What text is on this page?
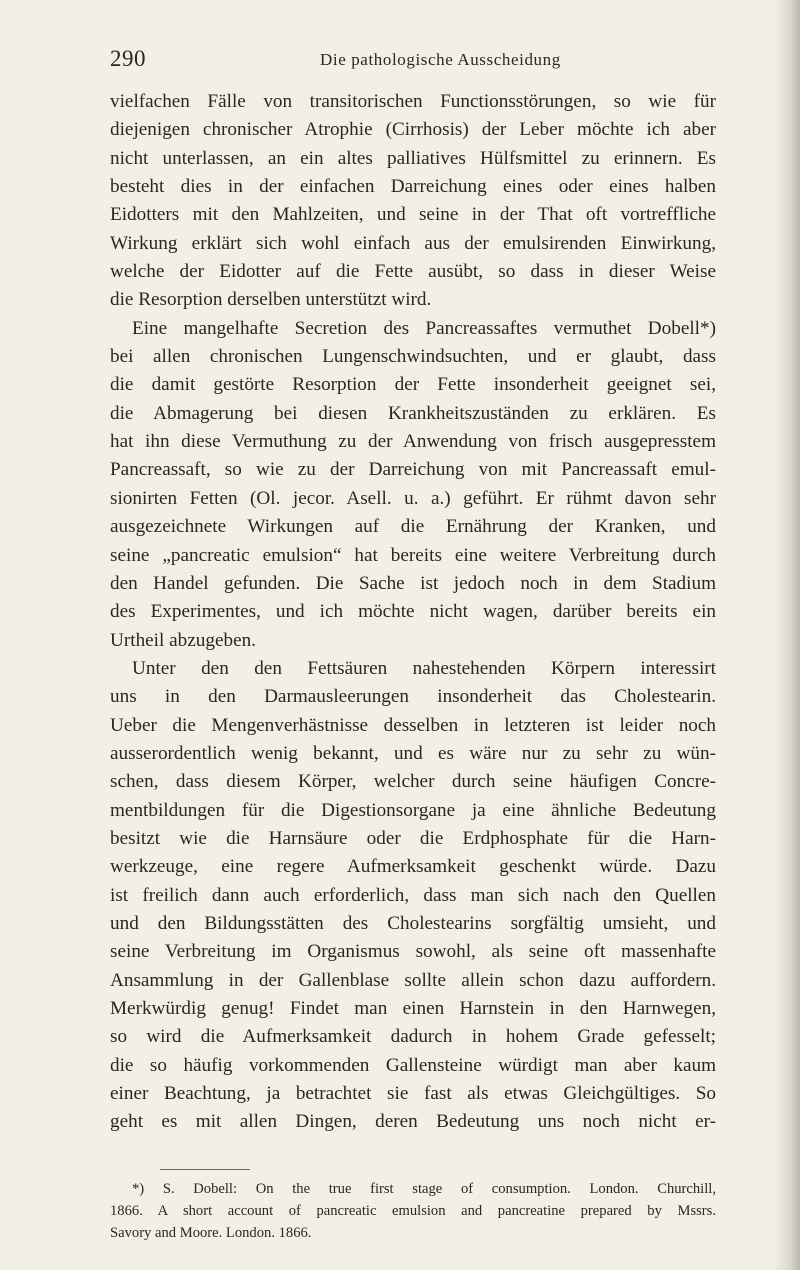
290	Die pathologische Ausscheidung
vielfachen Fälle von transitorischen Functionsstörungen, so wie für
diejenigen chronischer Atrophie (Cirrhosis) der Leber möchte ich aber
nicht unterlassen, an ein altes palliatives Hülfsmittel zu erinnern. Es
besteht dies in der einfachen Darreichung eines oder eines halben
Eidotters mit den Mahlzeiten, und seine in der That oft vortreffliche
Wirkung erklärt sich wohl einfach aus der emulsirenden Einwirkung,
welche der Eidotter auf die Fette ausübt, so dass in dieser Weise
die Resorption derselben unterstützt wird.
Eine mangelhafte Secretion des Pancreassaftes vermuthet Dobell*)
bei allen chronischen Lungenschwindsuchten, und er glaubt, dass
die damit gestörte Resorption der Fette insonderheit geeignet sei,
die Abmagerung bei diesen Krankheitszuständen zu erklären. Es
hat ihn diese Vermuthung zu der Anwendung von frisch ausgepresstem
Pancreassaft, so wie zu der Darreichung von mit Pancreassaft emul-
sionirten Fetten (Ol. jecor. Asell. u. a.) geführt. Er rühmt davon sehr
ausgezeichnete Wirkungen auf die Ernährung der Kranken, und
seine „pancreatic emulsion“ hat bereits eine weitere Verbreitung durch
den Handel gefunden. Die Sache ist jedoch noch in dem Stadium
des Experimentes, und ich möchte nicht wagen, darüber bereits ein
Urtheil abzugeben.
Unter den den Fettsäuren nahestehenden Körpern interessirt
uns in den Darmausleerungen insonderheit das Cholestearin.
Ueber die Mengenverhästnisse desselben in letzteren ist leider noch
ausserordentlich wenig bekannt, und es wäre nur zu sehr zu wün-
schen, dass diesem Körper, welcher durch seine häufigen Concre-
mentbildungen für die Digestionsorgane ja eine ähnliche Bedeutung
besitzt wie die Harnsäure oder die Erdphosphate für die Harn-
werkzeuge, eine regere Aufmerksamkeit geschenkt würde. Dazu
ist freilich dann auch erforderlich, dass man sich nach den Quellen
und den Bildungsstätten des Cholestearins sorgfältig umsieht, und
seine Verbreitung im Organismus sowohl, als seine oft massenhafte
Ansammlung in der Gallenblase sollte allein schon dazu auffordern.
Merkwürdig genug! Findet man einen Harnstein in den Harnwegen,
so wird die Aufmerksamkeit dadurch in hohem Grade gefesselt;
die so häufig vorkommenden Gallensteine würdigt man aber kaum
einer Beachtung, ja betrachtet sie fast als etwas Gleichgültiges. So
geht es mit allen Dingen, deren Bedeutung uns noch nicht er-
*) S. Dobell: On the true first stage of consumption. London. Churchill,
1866. A short account of pancreatic emulsion and pancreatine prepared by Mssrs.
Savory and Moore. London. 1866.
